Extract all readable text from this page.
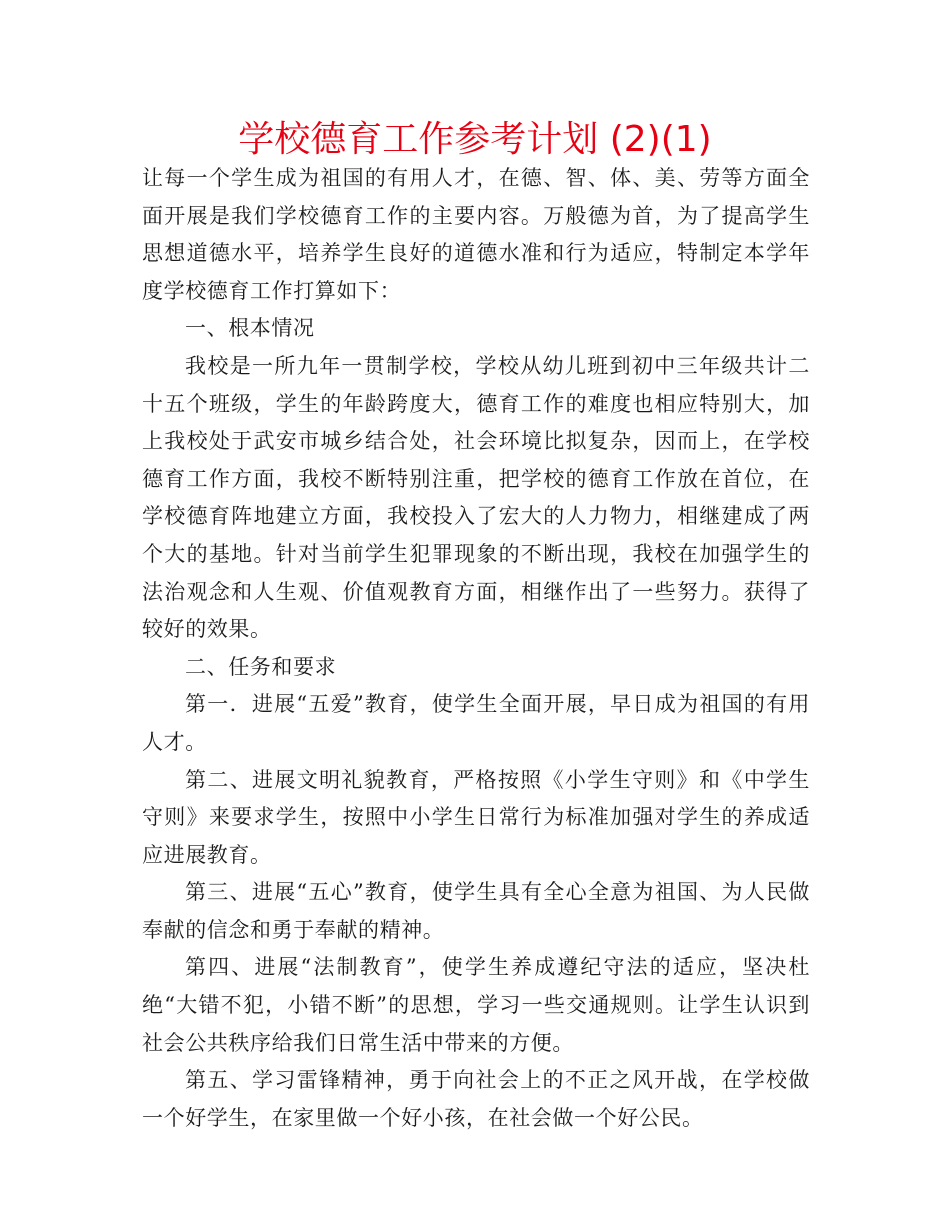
学校德育工作参考计划 (2)(1)

让每一个学生成为祖国的有用人才，在德、智、体、美、劳等方面全面开展是我们学校德育工作的主要内容。万般德为首，为了提高学生思想道德水平，培养学生良好的道德水准和行为适应，特制定本学年度学校德育工作打算如下：

一、根本情况

我校是一所九年一贯制学校，学校从幼儿班到初中三年级共计二十五个班级，学生的年龄跨度大，德育工作的难度也相应特别大，加上我校处于武安市城乡结合处，社会环境比拟复杂，因而上，在学校德育工作方面，我校不断特别注重，把学校的德育工作放在首位，在学校德育阵地建立方面，我校投入了宏大的人力物力，相继建成了两个大的基地。针对当前学生犯罪现象的不断出现，我校在加强学生的法治观念和人生观、价值观教育方面，相继作出了一些努力。获得了较好的效果。

二、任务和要求

第一．进展“五爱”教育，使学生全面开展，早日成为祖国的有用人才。

第二、进展文明礼貌教育，严格按照《小学生守则》和《中学生守则》来要求学生，按照中小学生日常行为标准加强对学生的养成适应进展教育。

第三、进展“五心”教育，使学生具有全心全意为祖国、为人民做奉献的信念和勇于奉献的精神。

第四、进展“法制教育”，使学生养成遵纪守法的适应，坚决杜绝“大错不犯，小错不断”的思想，学习一些交通规则。让学生认识到社会公共秩序给我们日常生活中带来的方便。

第五、学习雷锋精神，勇于向社会上的不正之风开战，在学校做一个好学生，在家里做一个好小孩，在社会做一个好公民。
